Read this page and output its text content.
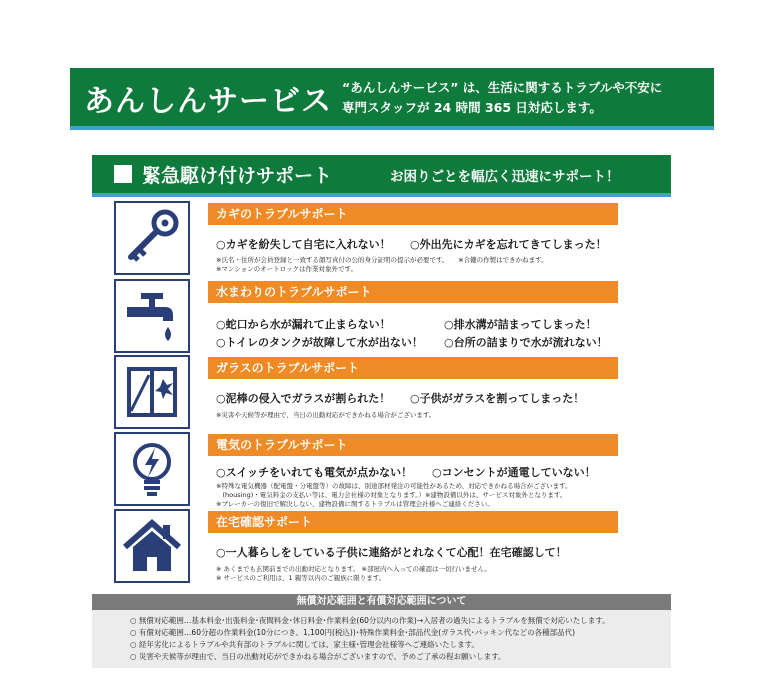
あんしんサービス “あんしんサービス” は、生活に関するトラブルや不安に
専門スタッフが 24 時間 365 日対応します。
緊急駆け付けサポート	お困りごとを幅広く迅速にサポート！
カギのトラブルサポート
○カギを紛失して自宅に入れない！ ○外出先にカギを忘れてきてしまった！
※氏名・住所が会員登録と一致する顔写真付の公的身分証明の提示が必要です。　　※合鍵の作製はできかねます。
※マンションのオートロックは作業対象外です。
水まわりのトラブルサポート
○蛇口から水が漏れて止まらない！	○排水溝が詰まってしまった！
○トイレのタンクが故障して水が出ない！ ○台所の詰まりで水が流れない！
ガラスのトラブルサポート
○泥棒の侵入でガラスが割られた！ ○子供がガラスを割ってしまった！
※災害や天候等が理由で、当日の出動対応ができかねる場合がございます。
電気のトラブルサポート
○スイッチをいれても電気が点かない！ ○コンセントが通電していない！
※特殊な電気機器（配電盤・分電盤等）の故障は、別途部材発注の可能性があるため、対応できかねる場合がございます。
　(housing)・電気料金の支払い等は、電力会社様の対象となります。）※建物設備以外は、サービス対象外となります。
※ブレーカーの復旧で解決しない、建物設備に関するトラブルは管理会社様へご連絡ください。
在宅確認サポート
○一人暮らしをしている子供に連絡がとれなくて心配！在宅確認して！
※ あくまでも玄関前までの出動対応となります。 ※部屋内へ入っての確認は一切行いません。
※ サービスのご利用は、1 親等以内のご親族に限ります。
無償対応範囲と有償対応範囲について
○ 無償対応範囲…基本料金･出張料金･夜間料金･休日料金･作業料金(60分以内の作業)→入居者の過失によるトラブルを無償で対応いたします。
○ 有償対応範囲…60分超の作業料金(10分につき、1,100円(税込))･特殊作業料金･部品代金(ガラス代･パッキン代などの各種部品代)
○ 経年劣化によるトラブルや共有部のトラブルに関しては、家主様･管理会社様等へご連絡いたします。
○ 災害や天候等が理由で、当日の出動対応ができかねる場合がございますので、予めご了承の程お願いします。
